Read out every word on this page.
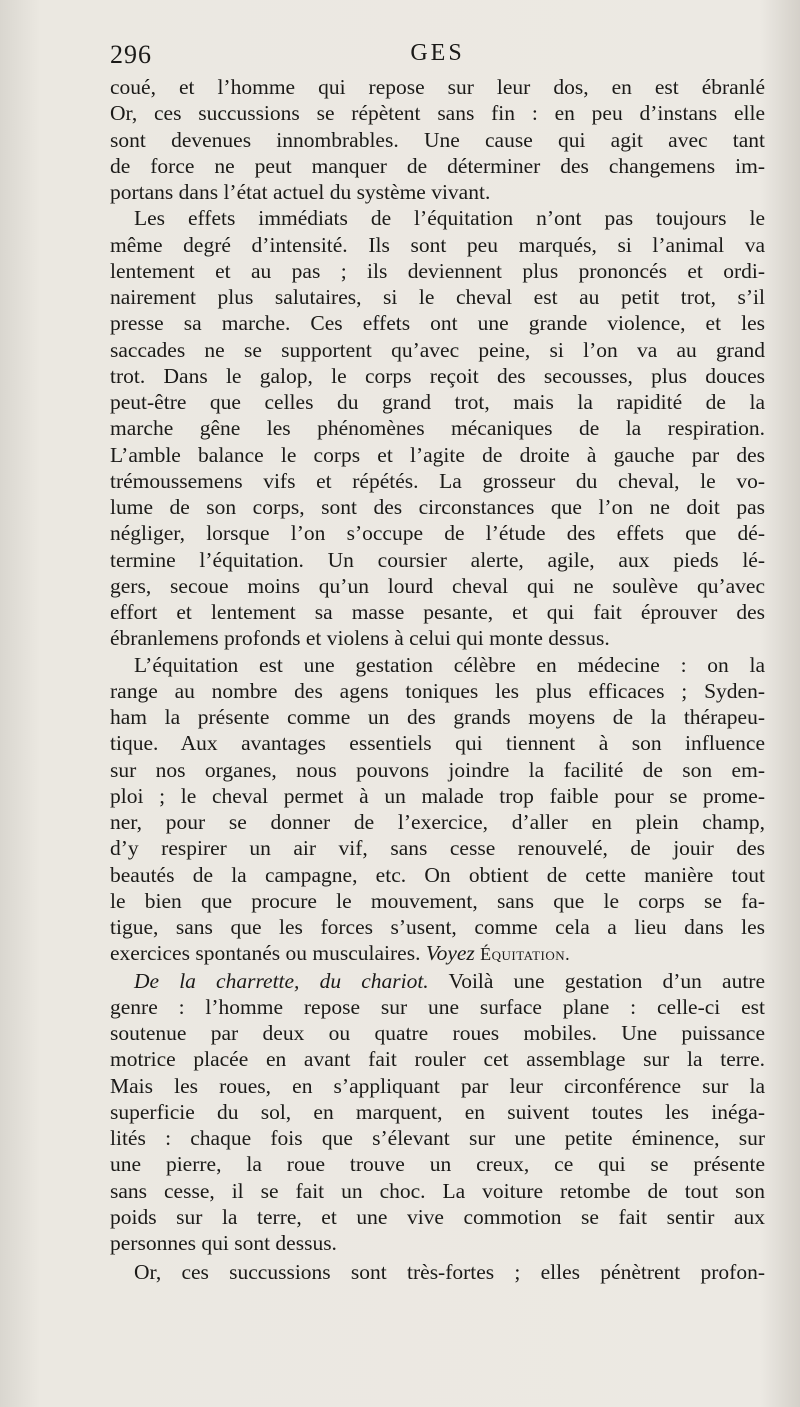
296	GES
coué, et l’homme qui repose sur leur dos, en est ébranlé
Or, ces succussions se répètent sans fin : en peu d’instans elle
sont devenues innombrables. Une cause qui agit avec tant
de force ne peut manquer de déterminer des changemens im-
portans dans l’état actuel du système vivant.
Les effets immédiats de l’équitation n’ont pas toujours le
même degré d’intensité. Ils sont peu marqués, si l’animal va
lentement et au pas ; ils deviennent plus prononcés et ordi-
nairement plus salutaires, si le cheval est au petit trot, s’il
presse sa marche. Ces effets ont une grande violence, et les
saccades ne se supportent qu’avec peine, si l’on va au grand
trot. Dans le galop, le corps reçoit des secousses, plus douces
peut-être que celles du grand trot, mais la rapidité de la
marche gêne les phénomènes mécaniques de la respiration.
L’amble balance le corps et l’agite de droite à gauche par des
trémoussemens vifs et répétés. La grosseur du cheval, le vo-
lume de son corps, sont des circonstances que l’on ne doit pas
négliger, lorsque l’on s’occupe de l’étude des effets que dé-
termine l’équitation. Un coursier alerte, agile, aux pieds lé-
gers, secoue moins qu’un lourd cheval qui ne soulève qu’avec
effort et lentement sa masse pesante, et qui fait éprouver des
ébranlemens profonds et violens à celui qui monte dessus.
L’équitation est une gestation célèbre en médecine : on la
range au nombre des agens toniques les plus efficaces ; Syden-
ham la présente comme un des grands moyens de la thérapeu-
tique. Aux avantages essentiels qui tiennent à son influence
sur nos organes, nous pouvons joindre la facilité de son em-
ploi ; le cheval permet à un malade trop faible pour se prome-
ner, pour se donner de l’exercice, d’aller en plein champ,
d’y respirer un air vif, sans cesse renouvelé, de jouir des
beautés de la campagne, etc. On obtient de cette manière tout
le bien que procure le mouvement, sans que le corps se fa-
tigue, sans que les forces s’usent, comme cela a lieu dans les
exercices spontanés ou musculaires. Voyez Équitation.
De la charrette, du chariot. Voilà une gestation d’un autre
genre : l’homme repose sur une surface plane : celle-ci est
soutenue par deux ou quatre roues mobiles. Une puissance
motrice placée en avant fait rouler cet assemblage sur la terre.
Mais les roues, en s’appliquant par leur circonférence sur la
superficie du sol, en marquent, en suivent toutes les inéga-
lités : chaque fois que s’élevant sur une petite éminence, sur
une pierre, la roue trouve un creux, ce qui se présente
sans cesse, il se fait un choc. La voiture retombe de tout son
poids sur la terre, et une vive commotion se fait sentir aux
personnes qui sont dessus.
Or, ces succussions sont très-fortes ; elles pénètrent profon-
